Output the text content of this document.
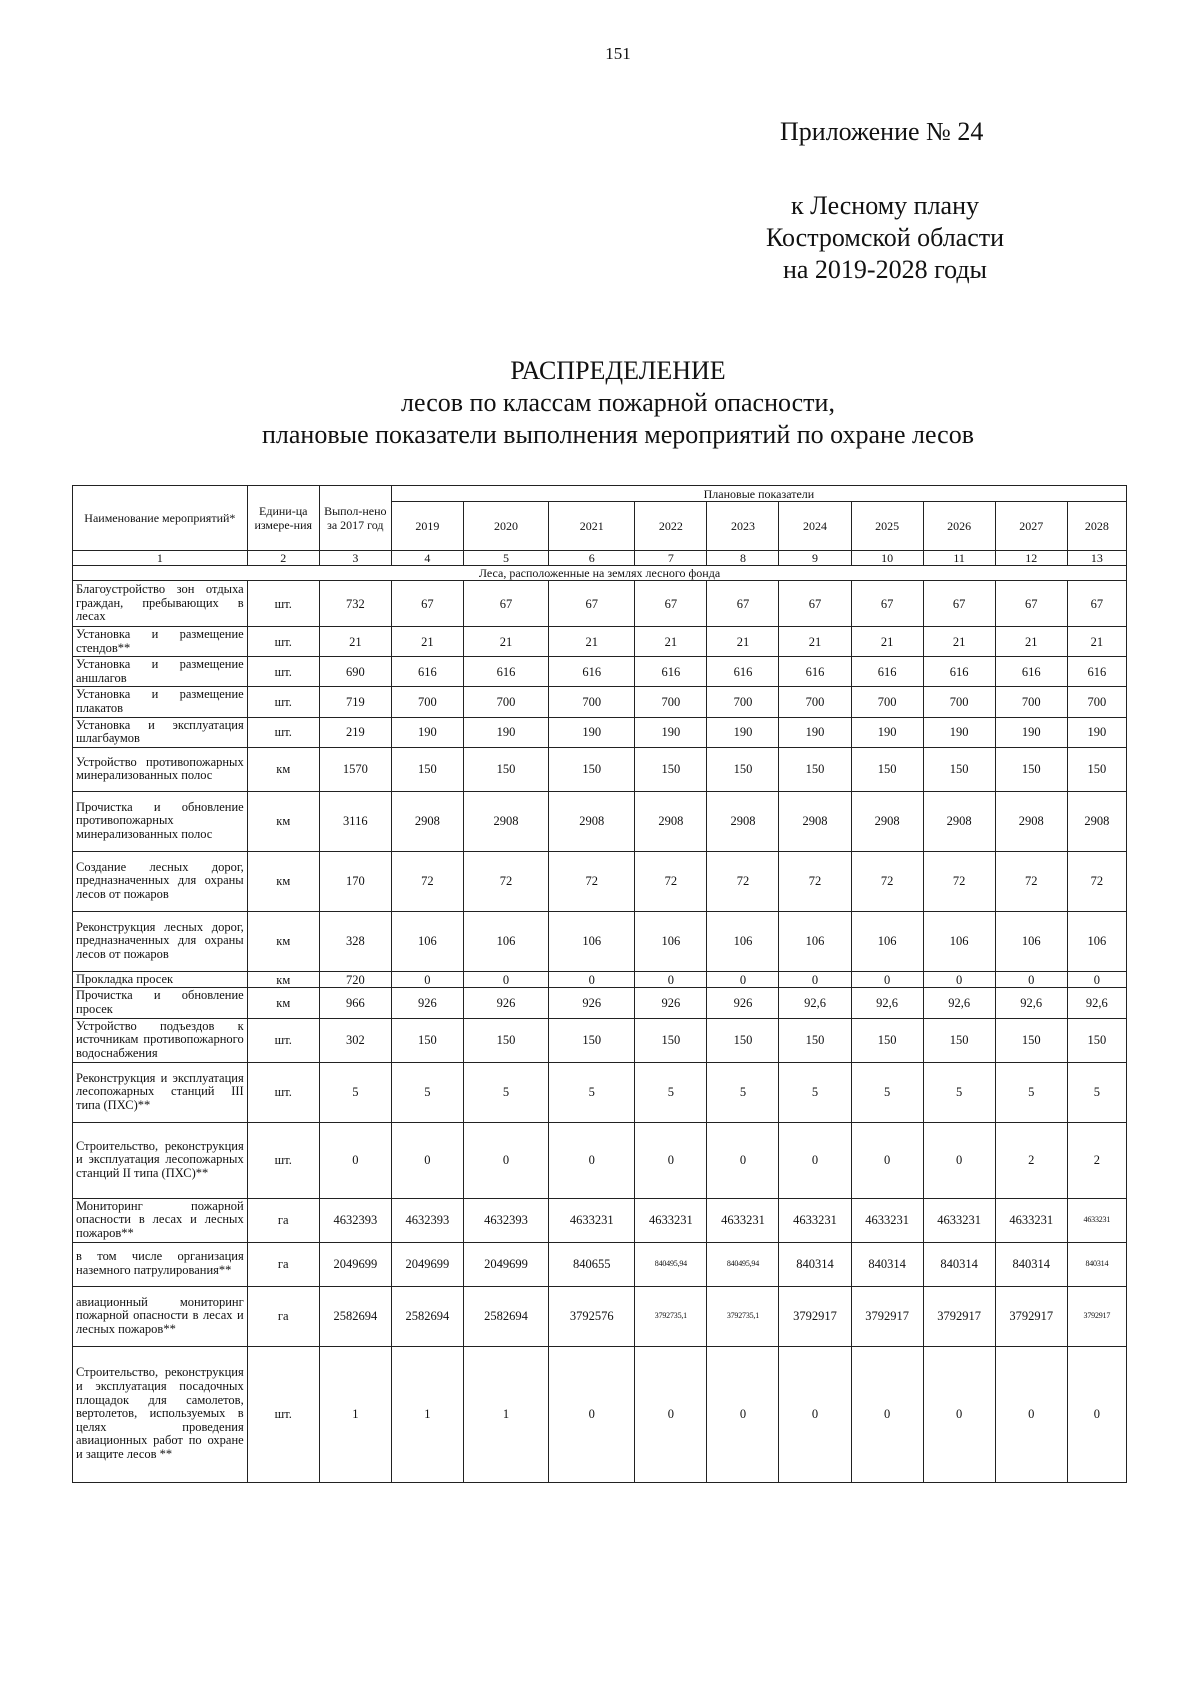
151
Приложение № 24
к Лесному плану
Костромской области
на 2019-2028 годы
РАСПРЕДЕЛЕНИЕ
лесов по классам пожарной опасности,
плановые показатели выполнения мероприятий по охране лесов
Наименование мероприятий*	Едини-ца измере-ния	Выпол-нено за 2017 год	Плановые показатели									
			2019	2020	2021	2022	2023	2024	2025	2026	2027	2028
1	2	3	4	5	6	7	8	9	10	11	12	13
Леса, расположенные на землях лесного фонда												
Благоустройство зон отдыха граждан, пребывающих в лесах	шт.	732	67	67	67	67	67	67	67	67	67	67
Установка и размещение стендов**	шт.	21	21	21	21	21	21	21	21	21	21	21
Установка и размещение аншлагов	шт.	690	616	616	616	616	616	616	616	616	616	616
Установка и размещение плакатов	шт.	719	700	700	700	700	700	700	700	700	700	700
Установка и эксплуатация шлагбаумов	шт.	219	190	190	190	190	190	190	190	190	190	190
Устройство противопожарных минерализованных полос	км	1570	150	150	150	150	150	150	150	150	150	150
Прочистка и обновление противопожарных минерализованных полос	км	3116	2908	2908	2908	2908	2908	2908	2908	2908	2908	2908
Создание лесных дорог, предназначенных для охраны лесов от пожаров	км	170	72	72	72	72	72	72	72	72	72	72
Реконструкция лесных дорог, предназначенных для охраны лесов от пожаров	км	328	106	106	106	106	106	106	106	106	106	106
Прокладка просек	км	720	0	0	0	0	0	0	0	0	0	0
Прочистка и обновление просек	км	966	926	926	926	926	926	92,6	92,6	92,6	92,6	92,6
Устройство подъездов к источникам противопожарного водоснабжения	шт.	302	150	150	150	150	150	150	150	150	150	150
Реконструкция и эксплуатация лесопожарных станций III типа (ПХС)**	шт.	5	5	5	5	5	5	5	5	5	5	5
Строительство, реконструкция и эксплуатация лесопожарных станций II типа (ПХС)**	шт.	0	0	0	0	0	0	0	0	0	2	2
Мониторинг пожарной опасности в лесах и лесных пожаров**	га	4632393	4632393	4632393	4633231	4633231	4633231	4633231	4633231	4633231	4633231	4633231
в том числе организация наземного патрулирования**	га	2049699	2049699	2049699	840655	840495,94	840495,94	840314	840314	840314	840314	840314
авиационный мониторинг пожарной опасности в лесах и лесных пожаров**	га	2582694	2582694	2582694	3792576	3792735,1	3792735,1	3792917	3792917	3792917	3792917	3792917
Строительство, реконструкция и эксплуатация посадочных площадок для самолетов, вертолетов, используемых в целях проведения авиационных работ по охране и защите лесов **	шт.	1	1	1	0	0	0	0	0	0	0	0
